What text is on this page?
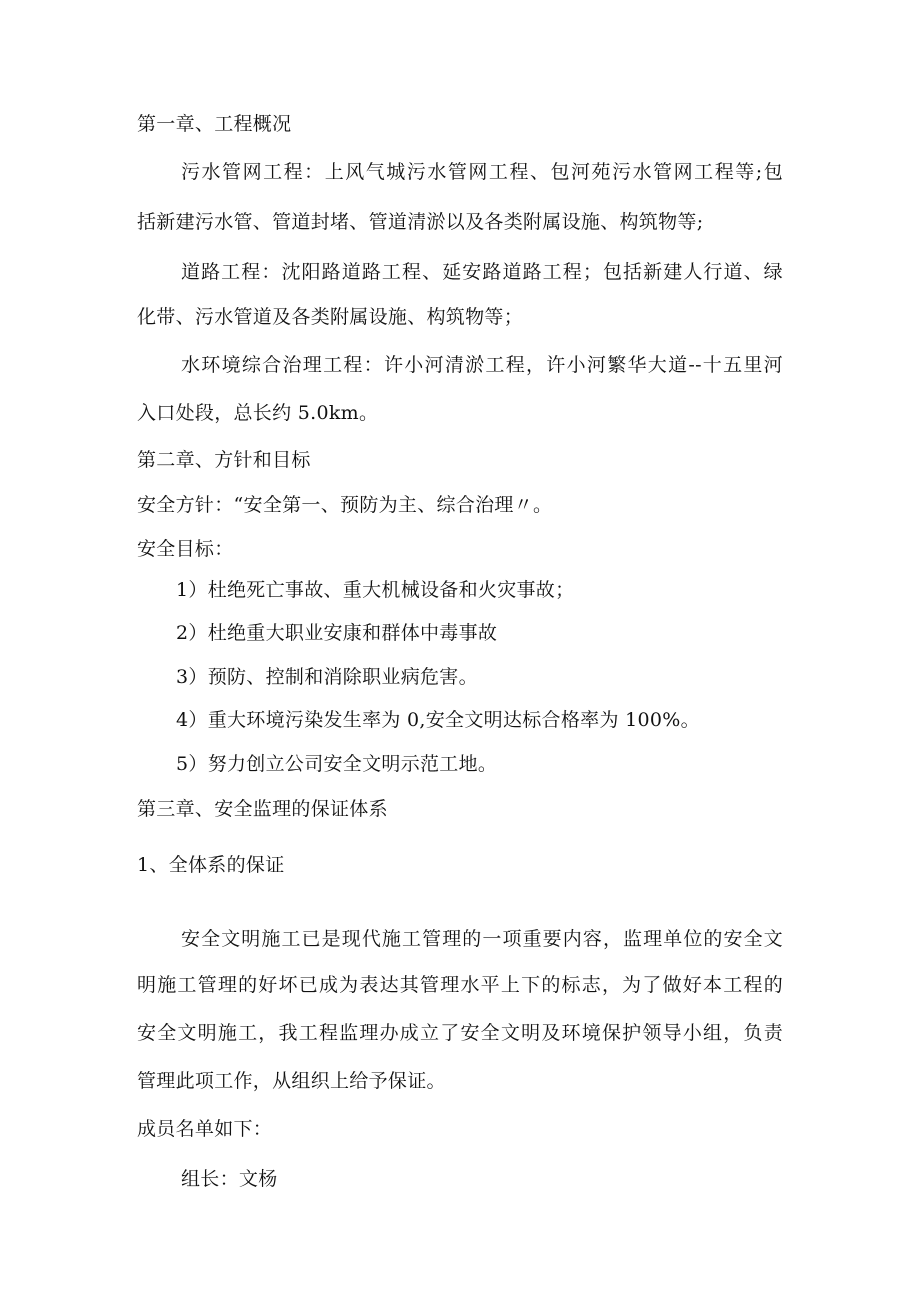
第一章、工程概况
污水管网工程：上风气城污水管网工程、包河苑污水管网工程等;包
括新建污水管、管道封堵、管道清淤以及各类附属设施、构筑物等;
道路工程：沈阳路道路工程、延安路道路工程；包括新建人行道、绿
化带、污水管道及各类附属设施、构筑物等；
水环境综合治理工程：许小河清淤工程，许小河繁华大道--十五里河
入口处段，总长约 5.0km。
第二章、方针和目标
安全方针：“安全第一、预防为主、综合治理〃。
安全目标：
1）杜绝死亡事故、重大机械设备和火灾事故；
2）杜绝重大职业安康和群体中毒事故
3）预防、控制和消除职业病危害。
4）重大环境污染发生率为 0,安全文明达标合格率为 100%。
5）努力创立公司安全文明示范工地。
第三章、安全监理的保证体系
1、全体系的保证
安全文明施工已是现代施工管理的一项重要内容，监理单位的安全文
明施工管理的好坏已成为表达其管理水平上下的标志，为了做好本工程的
安全文明施工，我工程监理办成立了安全文明及环境保护领导小组，负责
管理此项工作，从组织上给予保证。
成员名单如下：
组长：文杨
